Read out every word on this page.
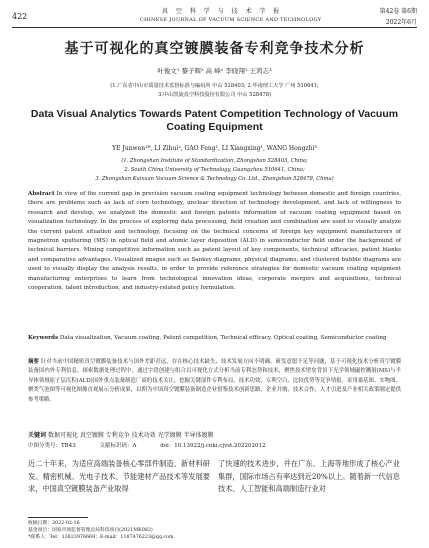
422
真 空 科 学 与 技 术 学 报
CHINESE JOURNAL OF VACUUM SCIENCE AND TECHNOLOGY
第42卷 第6期
2022年6月
基于可视化的真空镀膜装备专利竞争技术分析
叶俊文¹ 黎子辉² 高 峰¹ 李晓翔¹ 王鸿志³
(1.广东省中山市质量技术监督标准与编码所 中山 528403; 2.华南理工大学 广州 510641;
3.中山凯旋真空科技股份有限公司 中山 528478)
Data Visual Analytics Towards Patent Competition Technology of Vacuum Coating Equipment
YE Junwen¹*, LI Zihui², GAO Feng¹, LI Xiangxing¹, WANG Hongzhi³
(1. Zhongshan Institute of Standardization, Zhongshan 528403, China;
2. South China University of Technology, Guangzhou 510641, China;
3. Zhongshan Kaixuan Vacuum Science & Technology Co. Ltd., Zhongshan 528478, China)
Abstract In view of the current gap in precision vacuum coating equipment technology between domestic and foreign countries, there are problems such as lack of core technology, unclear direction of technology development, and lack of willingness to research and develop, we analyzed the domestic and foreign patents information of vacuum coating equipment based on visualization technology. In the process of exploring data processing, field creation and combination are used to visually analyze the current patent situation and technology, focusing on the technical concerns of foreign key equipment manufacturers of magnetron sputtering (MS) in optical field and atomic layer deposition (ALD) in semiconductor field under the background of technical barriers. Mining competitive information such as patent layout of key components, technical efficacies, patent blanks and comparative advantages. Visualized images such as Sankey diagrams, physical diagrams, and clustered bubble diagrams are used to visually display the analysis results, in order to provide reference strategies for domestic vacuum coating equipment manufacturing enterprises to learn from technological innovation ideas, corporate mergers and acquisitions, technical cooperation, talent introduction, and industry-related policy formulation.
Keywords Data visualization, Vacuum coating, Patent competition, Technical efficacy, Optical coating, Semiconductor coating
摘要 针对当前中国精密真空镀膜装备技术与国外差距甚远，存在核心技术缺失、技术发展方向不明确、研发意愿不足等问题，基于可视化技术分析真空镀膜装备国内外专利信息。探索数据处理过程中，通过字段创建与组合以可视化方式分析当前专利态势和技术，聚焦技术壁垒背景下光学领域磁控溅射(MS)与半导体领域原子层沉积(ALD)国外重点装备制造厂商的技术关注，挖掘关键部件专利布局、技术功效、专利空白、比较优势等竞争情报。采用桑基图、实物图、聚类气泡图等可视化图像直观展示分析成果，以期为中国真空镀膜装备制造企业借鉴技术创新思路、企业并购、技术合作、人才引进及产业相关政策制定提供参考策略。
关键词 数据可视化 真空镀膜 专利竞争 技术功效 光学镀膜 半导体镀膜
中图分类号：TB43	文献标识码：A	doi：10.13922/j.cnki.cjvst.202202012
近二十年来，为适应高端装备核心零部件制造、新材料研发、精密机械、光电子技术、节能建材产品技术等发展要求，中国真空镀膜装备产业取得
了快速的技术进步，并在广东、上海等地形成了核心产业集群，国际市场占有率达到近20%以上。随着新一代信息技术、人工智能和高端制造行业对
收稿日期：2022-02-16
基金项目：国家市场监督管理总局科技项目(2021MK082)
*联系人：Tel：13823976669；E-mail：1187476223@qq.com
